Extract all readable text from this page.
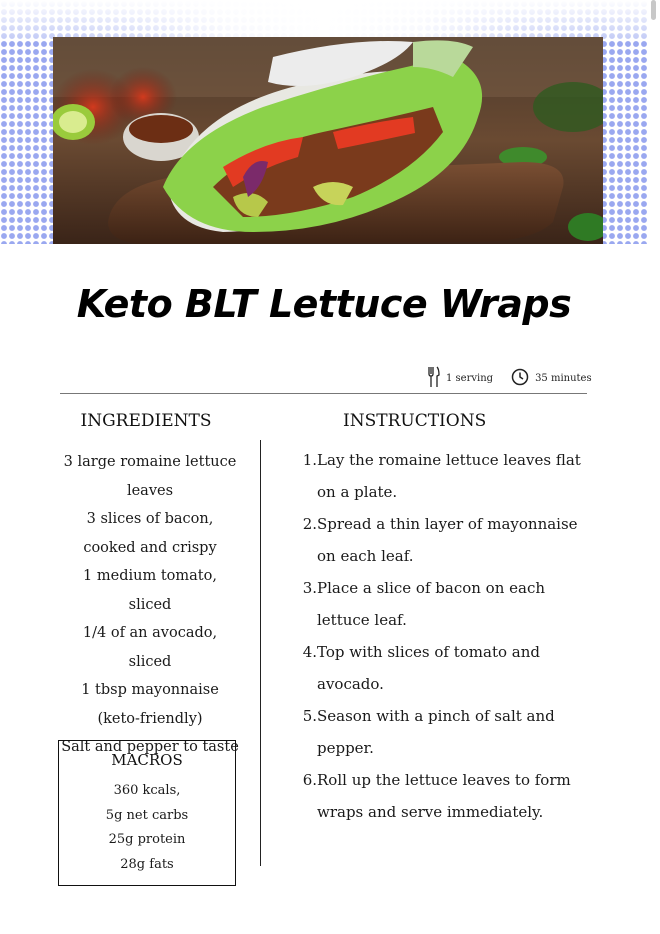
Keto BLT Lettuce Wraps
1 serving	35 minutes
INGREDIENTS
3 large romaine lettuce leaves
3 slices of bacon, cooked and crispy
1 medium tomato, sliced
1/4 of an avocado, sliced
1 tbsp mayonnaise (keto-friendly)
Salt and pepper to taste
MACROS
360 kcals,
5g net carbs
25g protein
28g fats
INSTRUCTIONS
1. Lay the romaine lettuce leaves flat on a plate.
2. Spread a thin layer of mayonnaise on each leaf.
3. Place a slice of bacon on each lettuce leaf.
4. Top with slices of tomato and avocado.
5. Season with a pinch of salt and pepper.
6. Roll up the lettuce leaves to form wraps and serve immediately.
